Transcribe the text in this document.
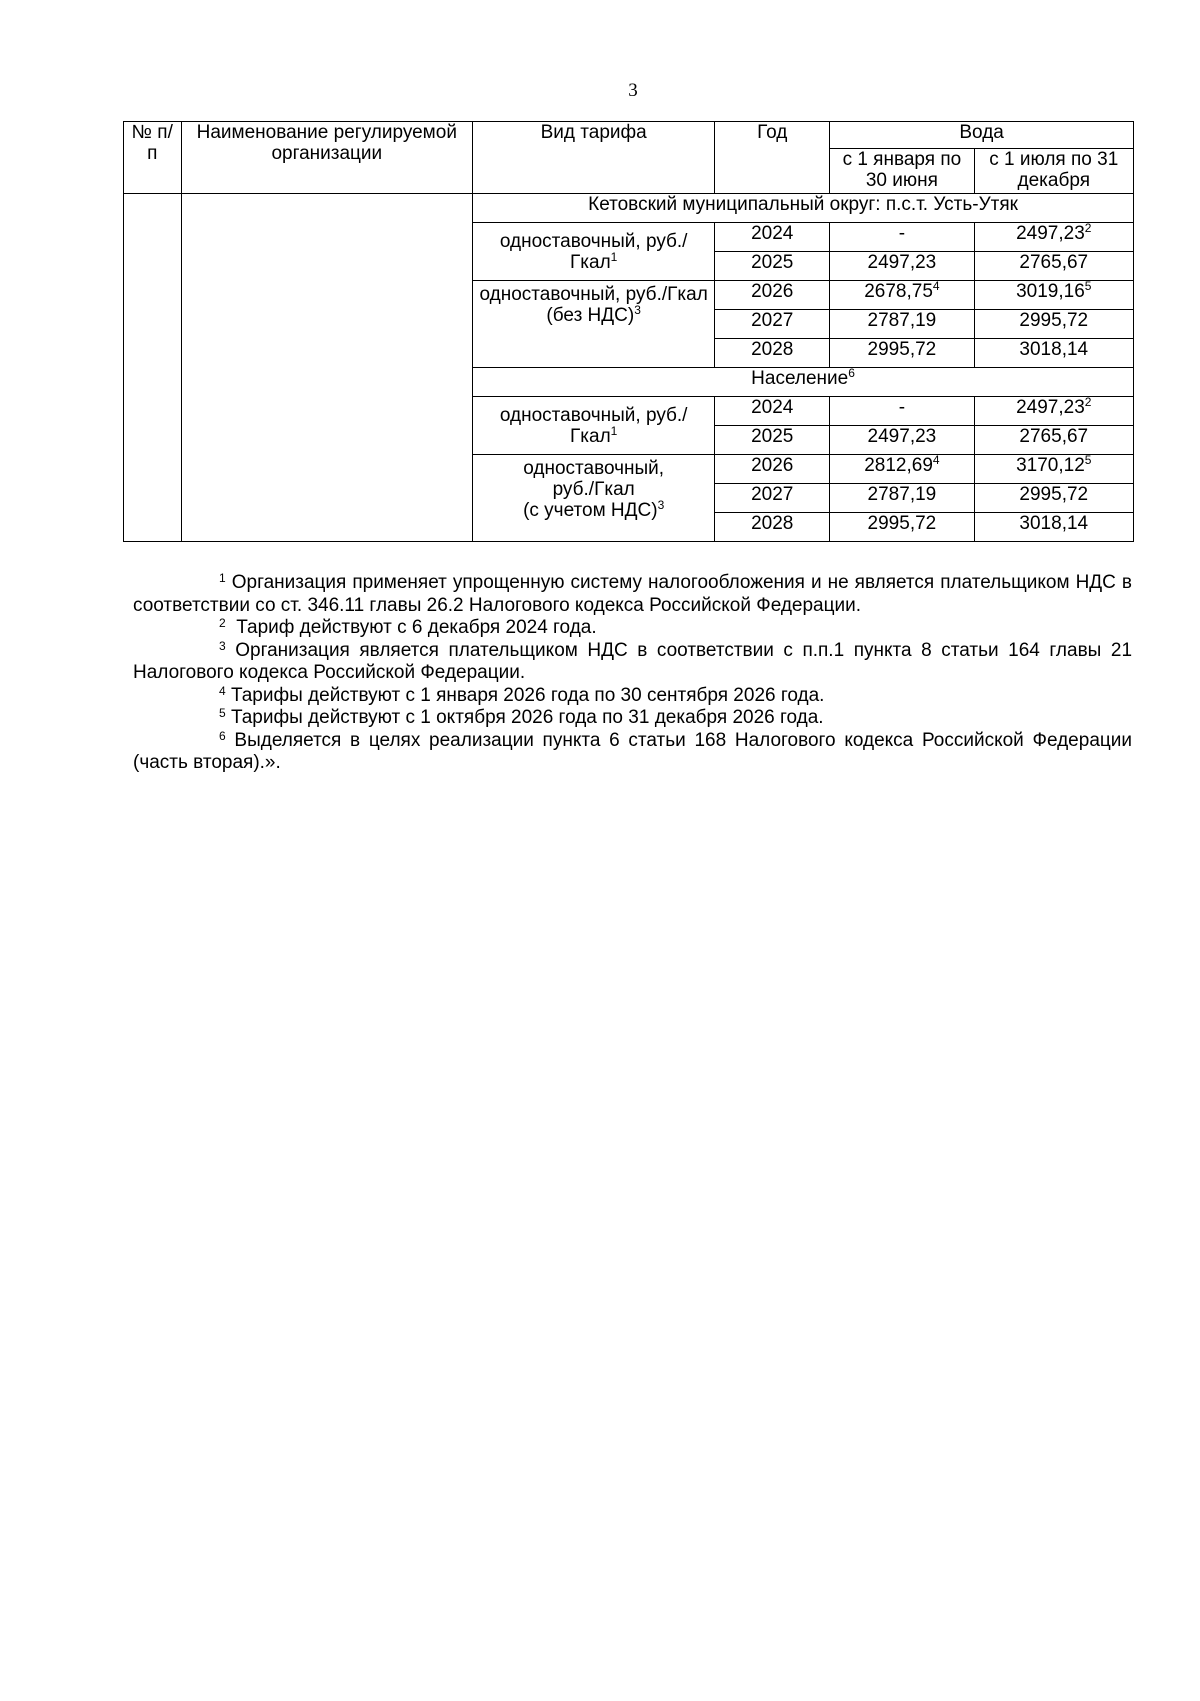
3
№ п/п	Наименование регулируемой организации	Вид тарифа	Год	Вода	
				с 1 января по 30 июня	с 1 июля по 31 декабря
		Кетовский муниципальный округ: п.с.т. Усть-Утяк			
		одноставочный, руб./Гкал$^1$	2024	-	2497,23$^2$
			2025	2497,23	2765,67
		одноставочный, руб./Гкал (без НДС)$^3$	2026	2678,75$^4$	3019,16$^5$
			2027	2787,19	2995,72
			2028	2995,72	3018,14
		Население$^6$
		одноставочный, руб./Гкал$^1$	2024	-	2497,23$^2$
			2025	2497,23	2765,67
		одноставочный,
руб./Гкал
(с учетом НДС)$^3$	2026	2812,69$^4$	3170,12$^5$
			2027	2787,19	2995,72
			2028	2995,72	3018,14

$^1$ Организация применяет упрощенную систему налогообложения и не является плательщиком НДС в соответствии со ст. 346.11 главы 26.2 Налогового кодекса Российской Федерации.

$^2$ Тариф действуют с 6 декабря 2024 года.

$^3$ Организация является плательщиком НДС в соответствии с п.п.1 пункта 8 статьи 164 главы 21 Налогового кодекса Российской Федерации.

$^4$ Тарифы действуют с 1 января 2026 года по 30 сентября 2026 года.

$^5$ Тарифы действуют с 1 октября 2026 года по 31 декабря 2026 года.

$^6$ Выделяется в целях реализации пункта 6 статьи 168 Налогового кодекса Российской Федерации (часть вторая).».
